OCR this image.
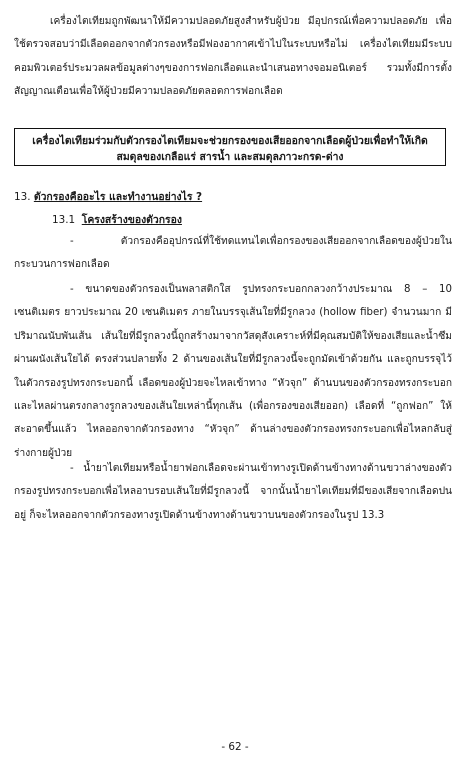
เครื่องไตเทียมถูกพัฒนาให้มีความปลอดภัยสูงสำหรับผู้ป่วย มีอุปกรณ์เพื่อความปลอดภัย เพื่อใช้ตรวจสอบว่ามีเลือดออกจากตัวกรองหรือมีฟองอากาศเข้าไปในระบบหรือไม่ เครื่องไตเทียมมีระบบคอมพิวเตอร์ประมวลผลข้อมูลต่างๆของการฟอกเลือดและนำเสนอทางจอมอนิเตอร์ รวมทั้งมีการตั้งสัญญาณเตือนเพื่อให้ผู้ป่วยมีความปลอดภัยตลอดการฟอกเลือด

เครื่องไตเทียมร่วมกับตัวกรองไตเทียมจะช่วยกรองของเสียออกจากเลือดผู้ป่วยเพื่อทำให้เกิดสมดุลของเกลือแร่ สารน้ำ และสมดุลภาวะกรด-ด่าง

13. ตัวกรองคืออะไร และทำงานอย่างไร ?

13.1 โครงสร้างของตัวกรอง

- ตัวกรองคืออุปกรณ์ที่ใช้ทดแทนไตเพื่อกรองของเสียออกจากเลือดของผู้ป่วยในกระบวนการฟอกเลือด

- ขนาดของตัวกรองเป็นพลาสติกใส รูปทรงกระบอกกลวงกว้างประมาณ 8 – 10 เซนติเมตร ยาวประมาณ 20 เซนติเมตร ภายในบรรจุเส้นใยที่มีรูกลวง (hollow fiber) จำนวนมาก มีปริมาณนับพันเส้น เส้นใยที่มีรูกลวงนี้ถูกสร้างมาจากวัสดุสังเคราะห์ที่มีคุณสมบัติให้ของเสียและน้ำซึมผ่านผนังเส้นใยได้ ตรงส่วนปลายทั้ง 2 ด้านของเส้นใยที่มีรูกลวงนี้จะถูกมัดเข้าด้วยกัน และถูกบรรจุไว้ในตัวกรองรูปทรงกระบอกนี้ เลือดของผู้ป่วยจะไหลเข้าทาง “หัวจุก” ด้านบนของตัวกรองทรงกระบอก และไหลผ่านตรงกลางรูกลวงของเส้นใยเหล่านี้ทุกเส้น (เพื่อกรองของเสียออก) เลือดที่ “ถูกฟอก” ให้สะอาดขึ้นแล้ว ไหลออกจากตัวกรองทาง “หัวจุก” ด้านล่างของตัวกรองทรงกระบอกเพื่อไหลกลับสู่ร่างกายผู้ป่วย

- น้ำยาไตเทียมหรือน้ำยาฟอกเลือดจะผ่านเข้าทางรูเปิดด้านข้างทางด้านขวาล่างของตัวกรองรูปทรงกระบอกเพื่อไหลอาบรอบเส้นใยที่มีรูกลวงนี้ จากนั้นน้ำยาไตเทียมที่มีของเสียจากเลือดปนอยู่ ก็จะไหลออกจากตัวกรองทางรูเปิดด้านข้างทางด้านขวาบนของตัวกรองในรูป 13.3

- 62 -
